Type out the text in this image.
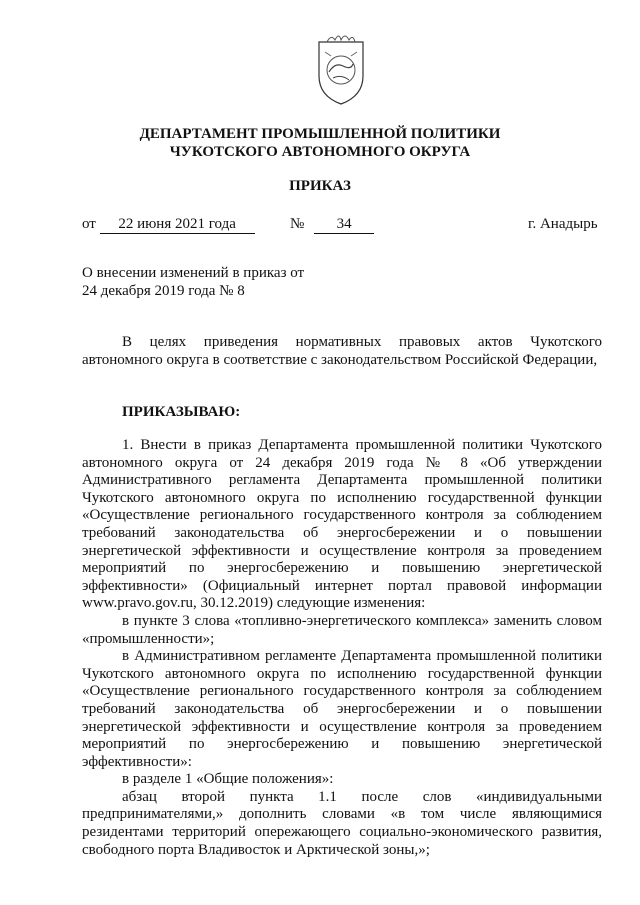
ДЕПАРТАМЕНТ ПРОМЫШЛЕННОЙ ПОЛИТИКИ
ЧУКОТСКОГО АВТОНОМНОГО ОКРУГА
ПРИКАЗ
от 22 июня 2021 года	№ 34	г. Анадырь
О внесении изменений в приказ от 24 декабря 2019 года № 8
В целях приведения нормативных правовых актов Чукотского автономного округа в соответствие с законодательством Российской Федерации,
ПРИКАЗЫВАЮ:

1. Внести в приказ Департамента промышленной политики Чукотского автономного округа от 24 декабря 2019 года № 8 «Об утверждении Административного регламента Департамента промышленной политики Чукотского автономного округа по исполнению государственной функции «Осуществление регионального государственного контроля за соблюдением требований законодательства об энергосбережении и о повышении энергетической эффективности и осуществление контроля за проведением мероприятий по энергосбережению и повышению энергетической эффективности» (Официальный интернет портал правовой информации www.pravo.gov.ru, 30.12.2019) следующие изменения:

в пункте 3 слова «топливно-энергетического комплекса» заменить словом «промышленности»;

в Административном регламенте Департамента промышленной политики Чукотского автономного округа по исполнению государственной функции «Осуществление регионального государственного контроля за соблюдением требований законодательства об энергосбережении и о повышении энергетической эффективности и осуществление контроля за проведением мероприятий по энергосбережению и повышению энергетической эффективности»:

в разделе 1 «Общие положения»:

абзац второй пункта 1.1 после слов «индивидуальными предпринимателями,» дополнить словами «в том числе являющимися резидентами территорий опережающего социально-экономического развития, свободного порта Владивосток и Арктической зоны,»;
